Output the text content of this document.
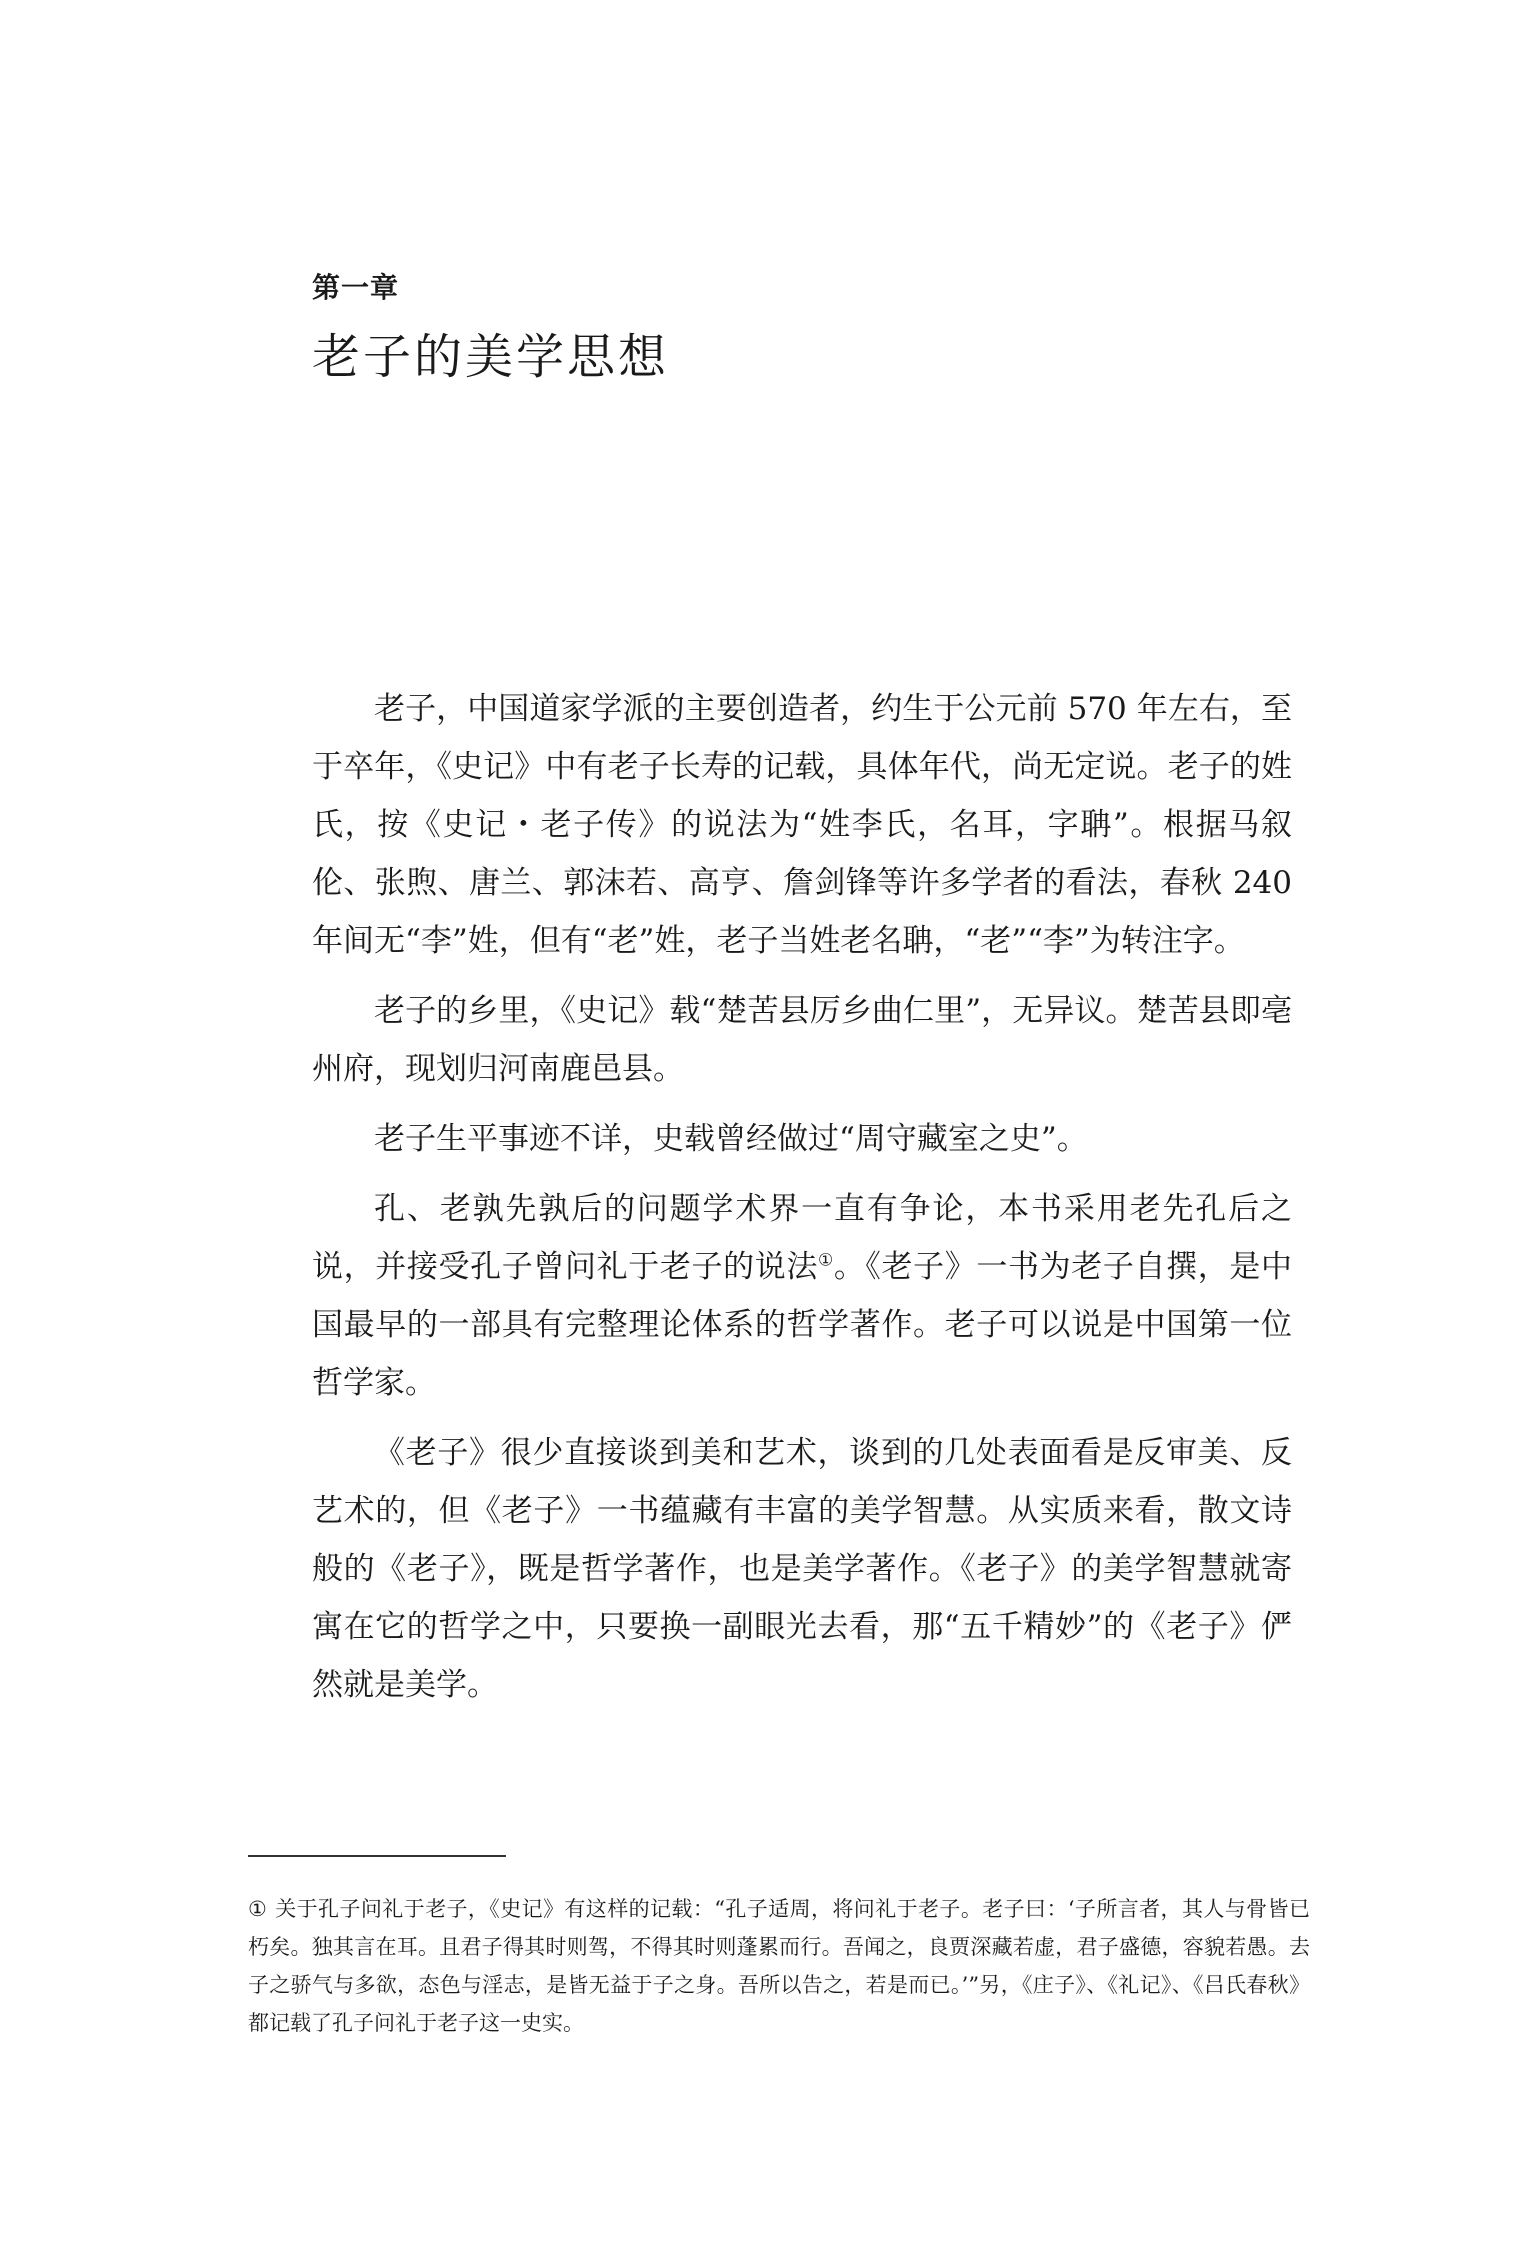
第一章
老子的美学思想

老子，中国道家学派的主要创造者，约生于公元前 570 年左右，至于卒年，《史记》中有老子长寿的记载，具体年代，尚无定说。老子的姓氏，按《史记・老子传》的说法为“姓李氏，名耳，字聃”。根据马叙伦、张煦、唐兰、郭沫若、高亨、詹剑锋等许多学者的看法，春秋 240 年间无“李”姓，但有“老”姓，老子当姓老名聃，“老”“李”为转注字。

老子的乡里，《史记》载“楚苦县厉乡曲仁里”，无异议。楚苦县即亳州府，现划归河南鹿邑县。

老子生平事迹不详，史载曾经做过“周守藏室之史”。

孔、老孰先孰后的问题学术界一直有争论，本书采用老先孔后之说，并接受孔子曾问礼于老子的说法①。《老子》一书为老子自撰，是中国最早的一部具有完整理论体系的哲学著作。老子可以说是中国第一位哲学家。

《老子》很少直接谈到美和艺术，谈到的几处表面看是反审美、反艺术的，但《老子》一书蕴藏有丰富的美学智慧。从实质来看，散文诗般的《老子》，既是哲学著作，也是美学著作。《老子》的美学智慧就寄寓在它的哲学之中，只要换一副眼光去看，那“五千精妙”的《老子》俨然就是美学。

① 关于孔子问礼于老子，《史记》有这样的记载：“孔子适周，将问礼于老子。老子曰：‘子所言者，其人与骨皆已朽矣。独其言在耳。且君子得其时则驾，不得其时则蓬累而行。吾闻之，良贾深藏若虚，君子盛德，容貌若愚。去子之骄气与多欲，态色与淫志，是皆无益于子之身。吾所以告之，若是而已。’”另，《庄子》、《礼记》、《吕氏春秋》都记载了孔子问礼于老子这一史实。
